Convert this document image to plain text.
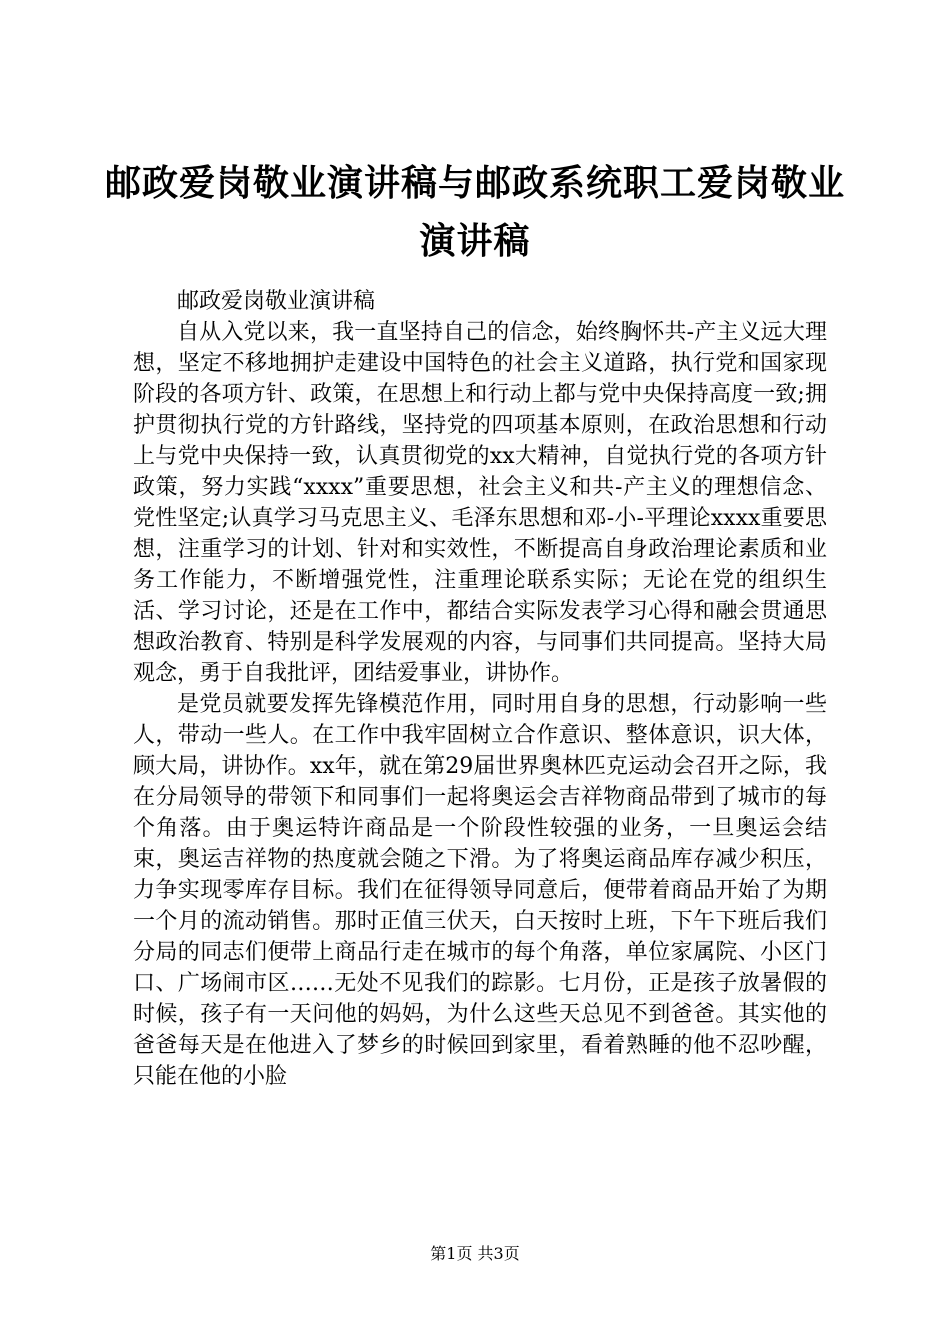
邮政爱岗敬业演讲稿与邮政系统职工爱岗敬业
演讲稿

邮政爱岗敬业演讲稿

自从入党以来，我一直坚持自己的信念，始终胸怀共-产主义远大理想，坚定不移地拥护走建设中国特色的社会主义道路，执行党和国家现阶段的各项方针、政策，在思想上和行动上都与党中央保持高度一致;拥护贯彻执行党的方针路线，坚持党的四项基本原则，在政治思想和行动上与党中央保持一致，认真贯彻党的xx大精神，自觉执行党的各项方针政策，努力实践“xxxx”重要思想，社会主义和共-产主义的理想信念、党性坚定;认真学习马克思主义、毛泽东思想和邓-小-平理论xxxx重要思想，注重学习的计划、针对和实效性，不断提高自身政治理论素质和业务工作能力，不断增强党性，注重理论联系实际；无论在党的组织生活、学习讨论，还是在工作中，都结合实际发表学习心得和融会贯通思想政治教育、特别是科学发展观的内容，与同事们共同提高。坚持大局观念，勇于自我批评，团结爱事业，讲协作。

是党员就要发挥先锋模范作用，同时用自身的思想，行动影响一些人，带动一些人。在工作中我牢固树立合作意识、整体意识，识大体，顾大局，讲协作。xx年，就在第29届世界奥林匹克运动会召开之际，我在分局领导的带领下和同事们一起将奥运会吉祥物商品带到了城市的每个角落。由于奥运特许商品是一个阶段性较强的业务，一旦奥运会结束，奥运吉祥物的热度就会随之下滑。为了将奥运商品库存减少积压，力争实现零库存目标。我们在征得领导同意后，便带着商品开始了为期一个月的流动销售。那时正值三伏天，白天按时上班，下午下班后我们分局的同志们便带上商品行走在城市的每个角落，单位家属院、小区门口、广场闹市区……无处不见我们的踪影。七月份，正是孩子放暑假的时候，孩子有一天问他的妈妈，为什么这些天总见不到爸爸。其实他的爸爸每天是在他进入了梦乡的时候回到家里，看着熟睡的他不忍吵醒，只能在他的小脸

第1页 共3页
